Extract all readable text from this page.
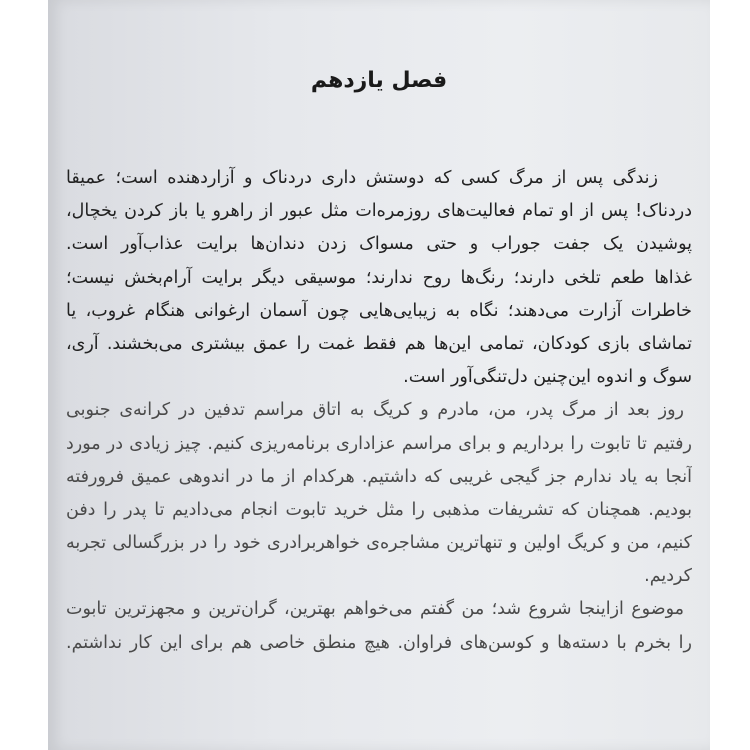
فصل یازدهم
زندگی پس از مرگ کسی که دوستش داری دردناک و آزاردهنده است؛ عمیقا
دردناک! پس از او تمام فعالیت‌های روزمره‌ات مثل عبور از راهرو یا باز کردن یخچال،
پوشیدن یک جفت جوراب و حتی مسواک زدن دندان‌ها برایت عذاب‌آور است.
غذاها طعم تلخی دارند؛ رنگ‌ها روح ندارند؛ موسیقی دیگر برایت آرام‌بخش نیست؛
خاطرات آزارت می‌دهند؛ نگاه به زیبایی‌هایی چون آسمان ارغوانی هنگام غروب، یا
تماشای بازی کودکان، تمامی این‌ها هم فقط غمت را عمق بیشتری می‌بخشند. آری،
سوگ و اندوه این‌چنین دل‌تنگی‌آور است.
روز بعد از مرگ پدر، من، مادرم و کریگ به اتاق مراسم تدفین در کرانه‌ی جنوبی
رفتیم تا تابوت را برداریم و برای مراسم عزاداری برنامه‌ریزی کنیم. چیز زیادی در مورد
آنجا به یاد ندارم جز گیجی غریبی که داشتیم. هرکدام از ما در اندوهی عمیق فرورفته
بودیم. همچنان که تشریفات مذهبی را مثل خرید تابوت انجام می‌دادیم تا پدر را دفن
کنیم، من و کریگ اولین و تنهاترین مشاجره‌ی خواهربرادری خود را در بزرگسالی تجربه
کردیم.
موضوع ازاینجا شروع شد؛ من گفتم می‌خواهم بهترین، گران‌ترین و مجهزترین تابوت
را بخرم با دسته‌ها و کوسن‌های فراوان. هیچ منطق خاصی هم برای این کار نداشتم.
